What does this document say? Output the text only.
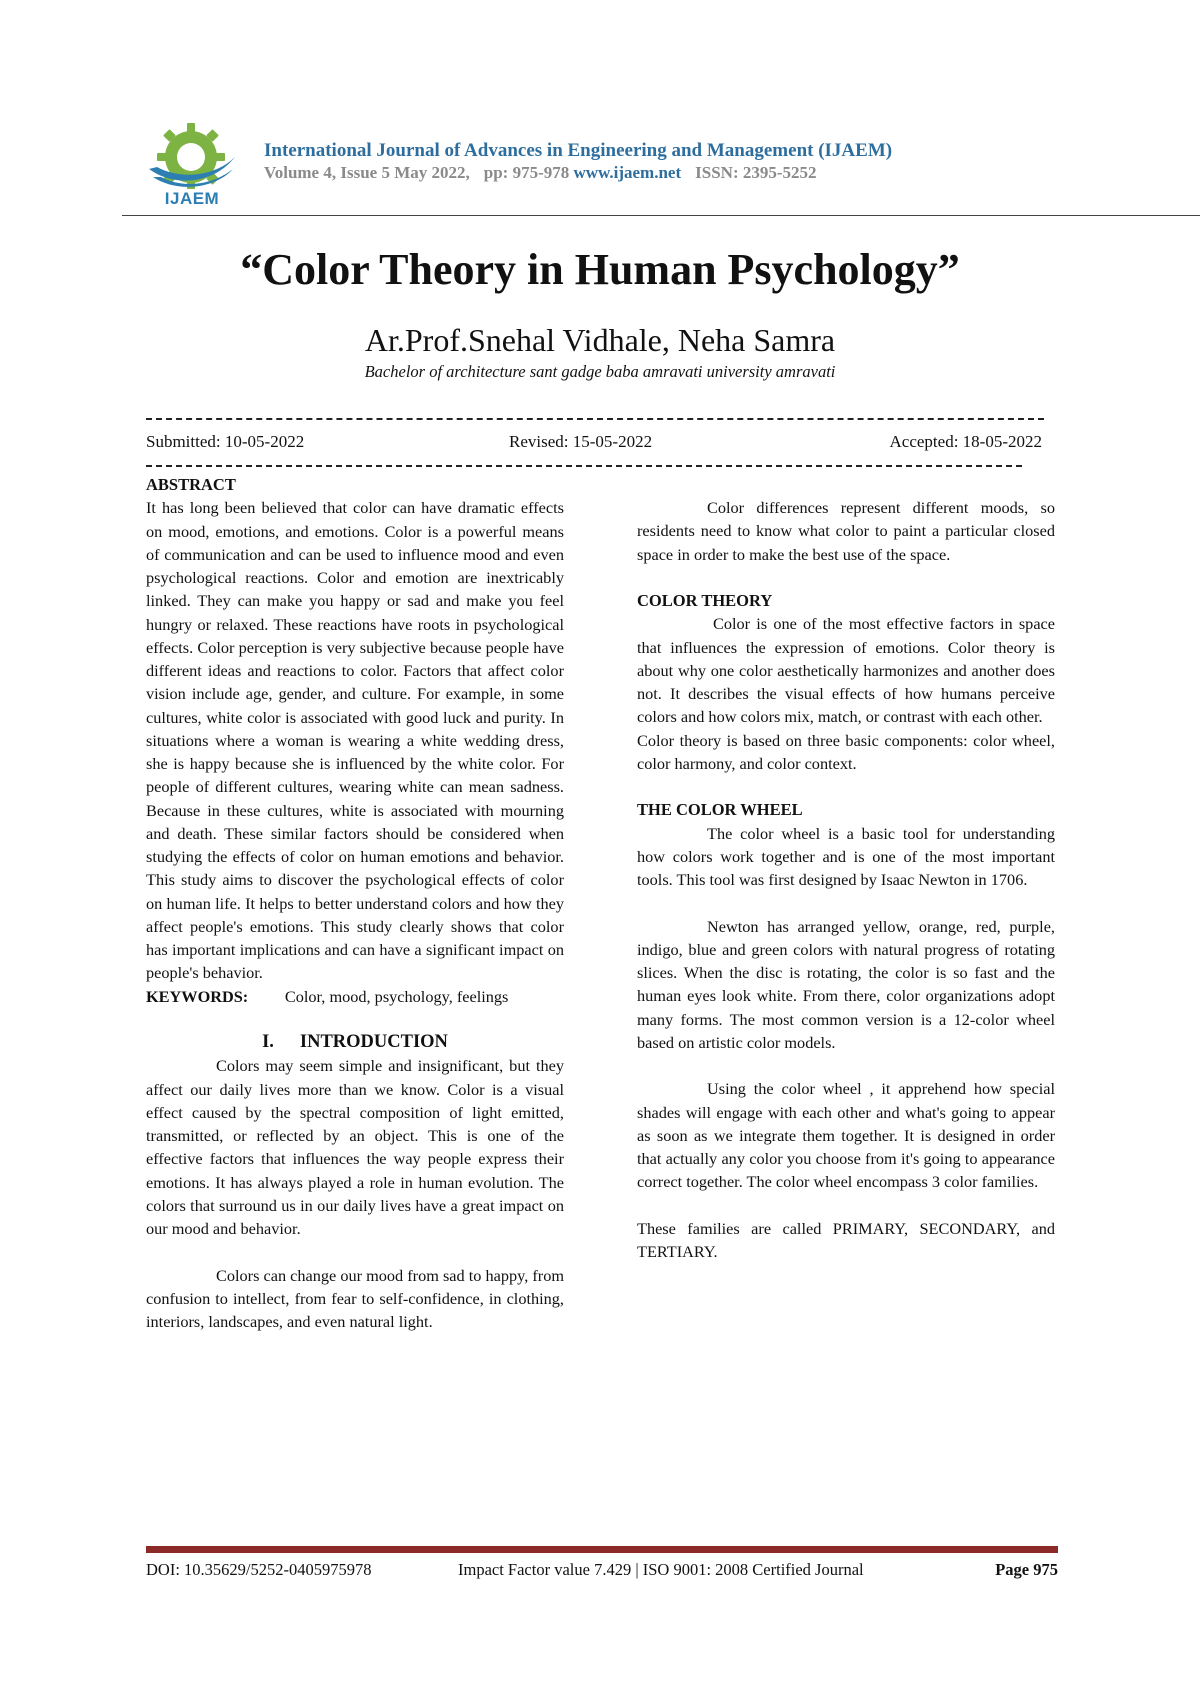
IJAEM
International Journal of Advances in Engineering and Management (IJAEM)
Volume 4, Issue 5 May 2022, pp: 975-978 www.ijaem.net ISSN: 2395-5252
“Color Theory in Human Psychology”
Ar.Prof.Snehal Vidhale, Neha Samra
Bachelor of architecture sant gadge baba amravati university amravati
Submitted: 10-05-2022	Revised: 15-05-2022	Accepted: 18-05-2022
ABSTRACT

It has long been believed that color can have dramatic effects on mood, emotions, and emotions. Color is a powerful means of communication and can be used to influence mood and even psychological reactions. Color and emotion are inextricably linked. They can make you happy or sad and make you feel hungry or relaxed. These reactions have roots in psychological effects. Color perception is very subjective because people have different ideas and reactions to color. Factors that affect color vision include age, gender, and culture. For example, in some cultures, white color is associated with good luck and purity. In situations where a woman is wearing a white wedding dress, she is happy because she is influenced by the white color. For people of different cultures, wearing white can mean sadness. Because in these cultures, white is associated with mourning and death. These similar factors should be considered when studying the effects of color on human emotions and behavior. This study aims to discover the psychological effects of color on human life. It helps to better understand colors and how they affect people's emotions. This study clearly shows that color has important implications and can have a significant impact on people's behavior.

KEYWORDS: Color, mood, psychology, feelings

I. INTRODUCTION

Colors may seem simple and insignificant, but they affect our daily lives more than we know. Color is a visual effect caused by the spectral composition of light emitted, transmitted, or reflected by an object. This is one of the effective factors that influences the way people express their emotions. It has always played a role in human evolution. The colors that surround us in our daily lives have a great impact on our mood and behavior.

Colors can change our mood from sad to happy, from confusion to intellect, from fear to self-confidence, in clothing, interiors, landscapes, and even natural light.

Color differences represent different moods, so residents need to know what color to paint a particular closed space in order to make the best use of the space.

COLOR THEORY

Color is one of the most effective factors in space that influences the expression of emotions. Color theory is about why one color aesthetically harmonizes and another does not. It describes the visual effects of how humans perceive colors and how colors mix, match, or contrast with each other.

Color theory is based on three basic components: color wheel, color harmony, and color context.

THE COLOR WHEEL

The color wheel is a basic tool for understanding how colors work together and is one of the most important tools. This tool was first designed by Isaac Newton in 1706.

Newton has arranged yellow, orange, red, purple, indigo, blue and green colors with natural progress of rotating slices. When the disc is rotating, the color is so fast and the human eyes look white. From there, color organizations adopt many forms. The most common version is a 12-color wheel based on artistic color models.

Using the color wheel , it apprehend how special shades will engage with each other and what's going to appear as soon as we integrate them together. It is designed in order that actually any color you choose from it's going to appearance correct together. The color wheel encompass 3 color families.

These families are called PRIMARY, SECONDARY, and TERTIARY.

DOI: 10.35629/5252-0405975978	Impact Factor value 7.429 | ISO 9001: 2008 Certified Journal	Page 975
